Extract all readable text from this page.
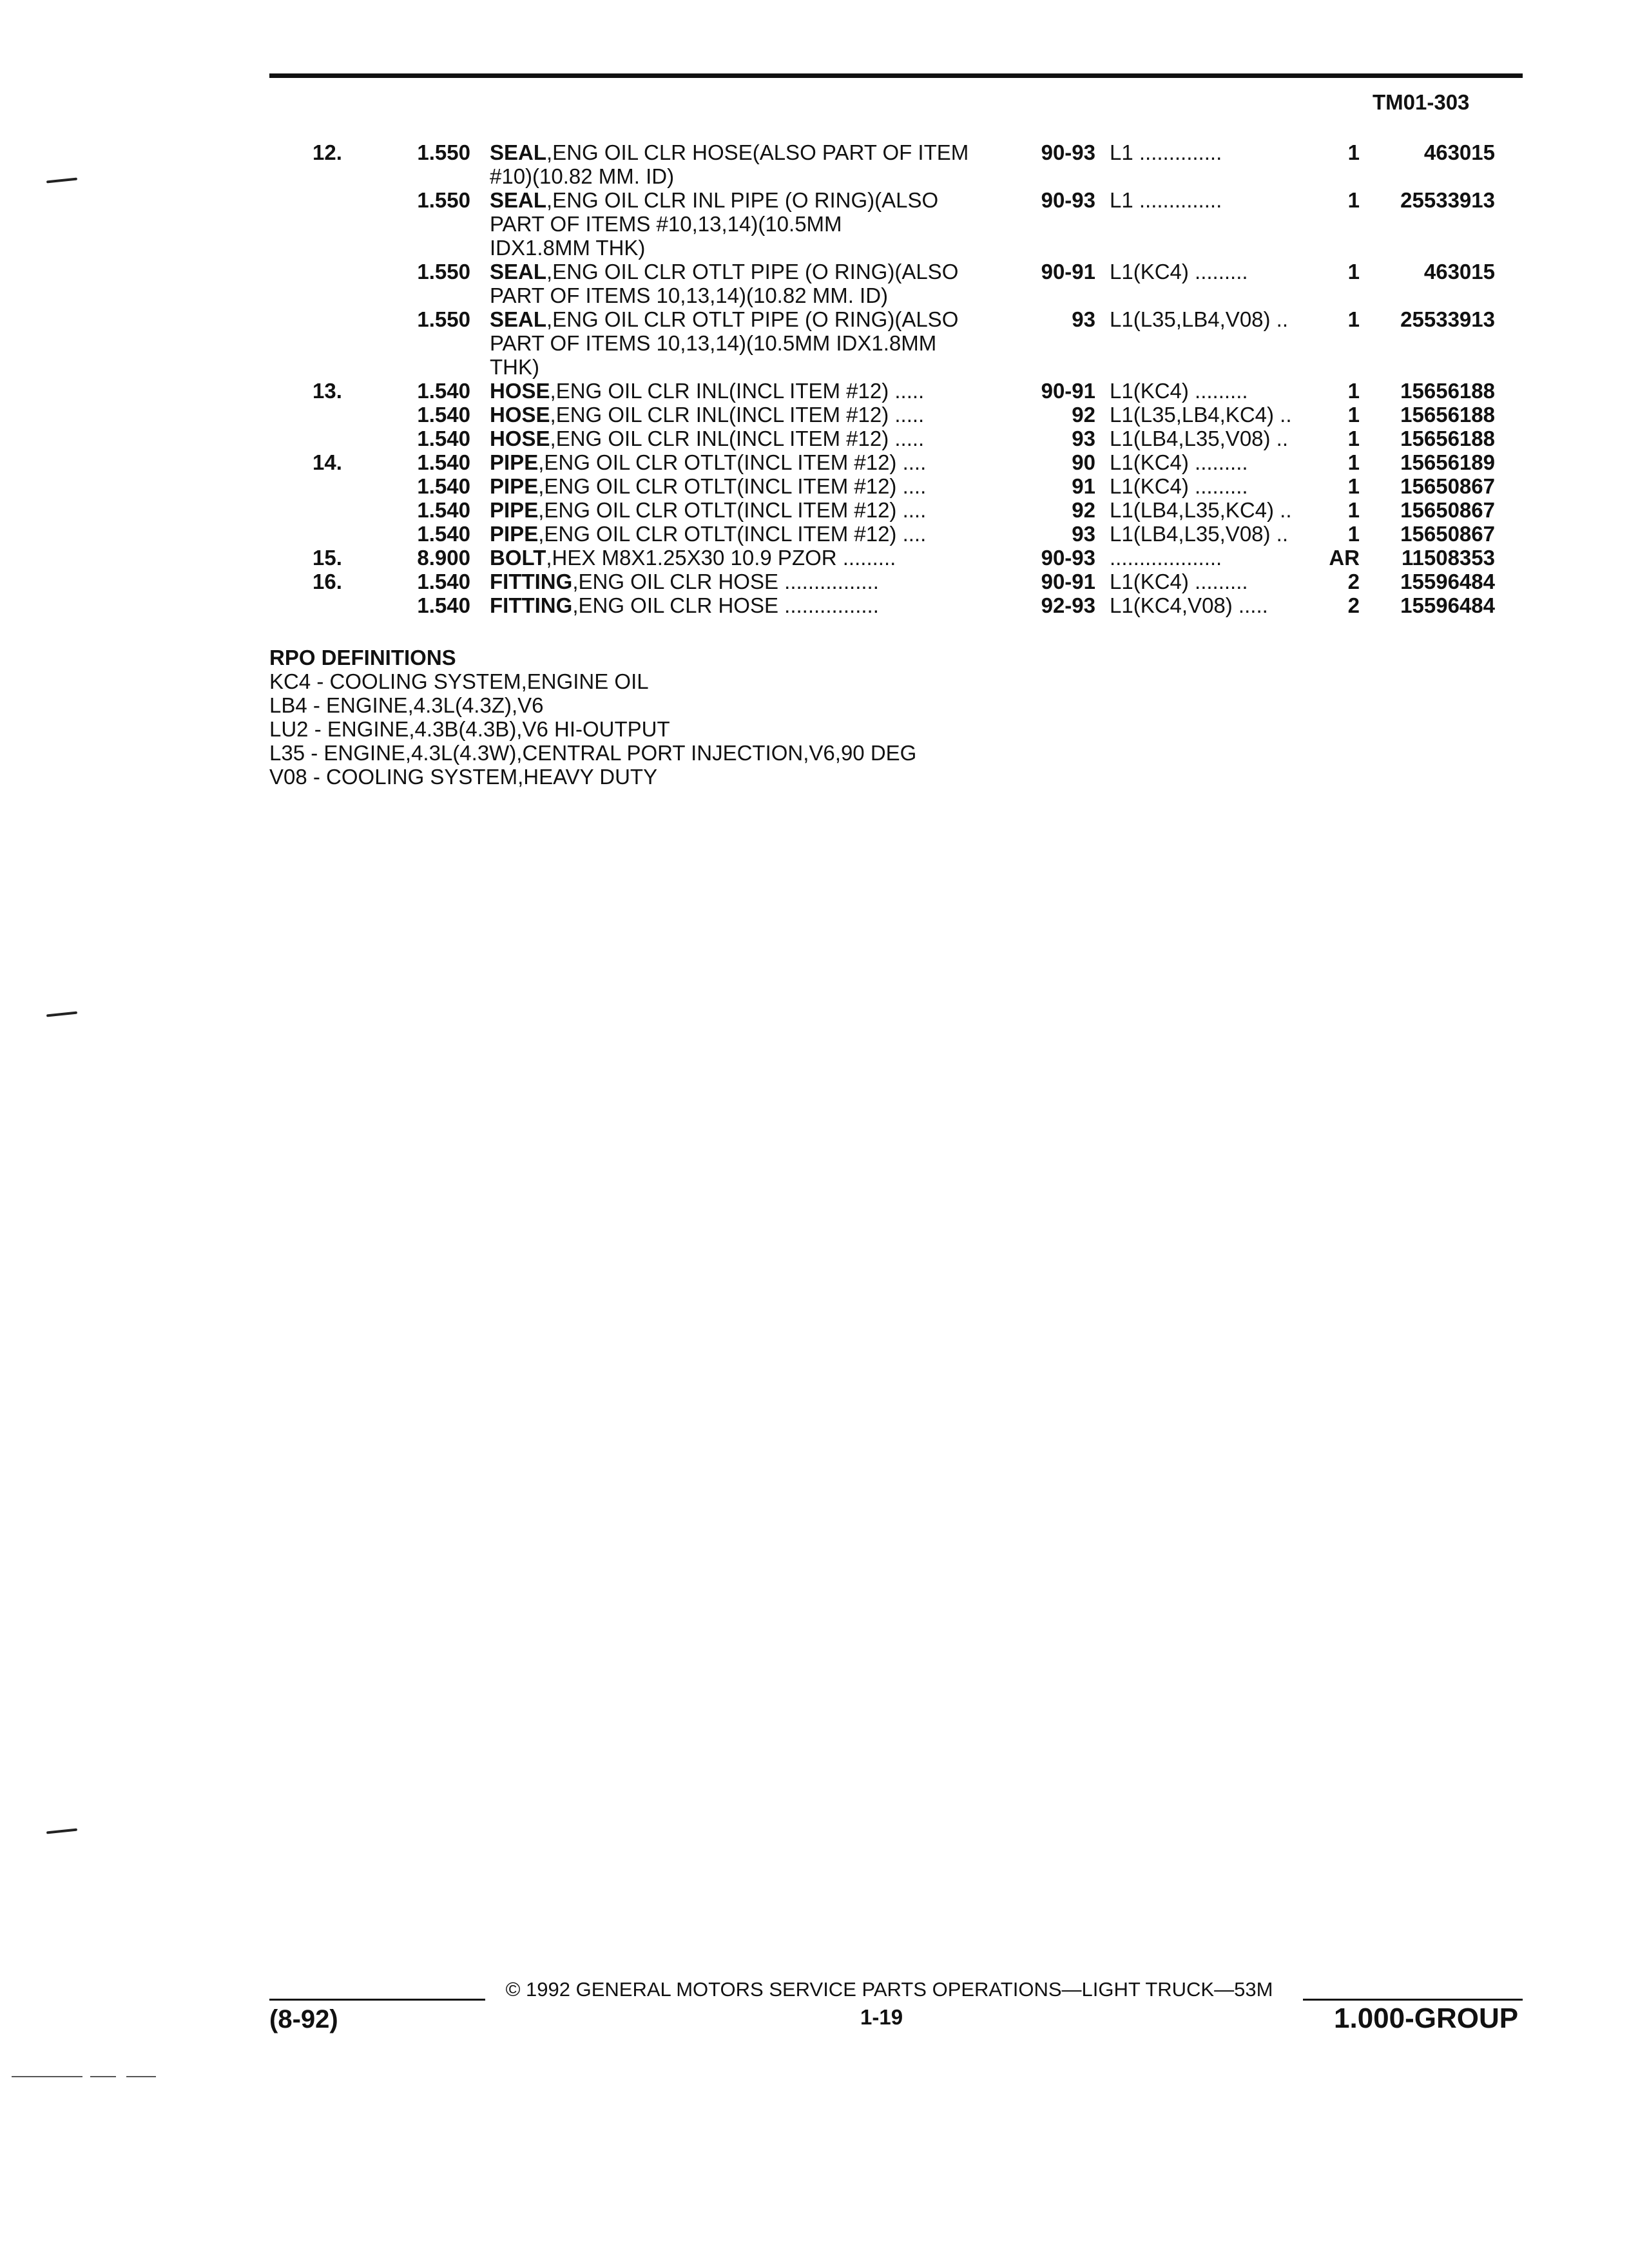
TM01-303
12.	1.550 SEAL,ENG OIL CLR HOSE(ALSO PART OF ITEM
#10)(10.82 MM. ID)
90-93 L1 ..............	1	463015
1.550 SEAL,ENG OIL CLR INL PIPE (O RING)(ALSO
PART OF ITEMS #10,13,14)(10.5MM
IDX1.8MM THK)
90-93 L1 ..............	1	25533913
1.550 SEAL,ENG OIL CLR OTLT PIPE (O RING)(ALSO
PART OF ITEMS 10,13,14)(10.82 MM. ID)
90-91 L1(KC4) .........	1	463015
1.550 SEAL,ENG OIL CLR OTLT PIPE (O RING)(ALSO
PART OF ITEMS 10,13,14)(10.5MM IDX1.8MM
THK)
93 L1(L35,LB4,V08) ..	1	25533913
13.	1.540 HOSE,ENG OIL CLR INL(INCL ITEM #12) .....	90-91 L1(KC4) .........	1	15656188
1.540 HOSE,ENG OIL CLR INL(INCL ITEM #12) .....	92 L1(L35,LB4,KC4) ..	1	15656188
1.540 HOSE,ENG OIL CLR INL(INCL ITEM #12) .....	93 L1(LB4,L35,V08) ..	1	15656188
14.	1.540 PIPE,ENG OIL CLR OTLT(INCL ITEM #12) ....	90 L1(KC4) .........	1	15656189
1.540 PIPE,ENG OIL CLR OTLT(INCL ITEM #12) ....	91 L1(KC4) .........	1	15650867
1.540 PIPE,ENG OIL CLR OTLT(INCL ITEM #12) ....	92 L1(LB4,L35,KC4) ..	1	15650867
1.540 PIPE,ENG OIL CLR OTLT(INCL ITEM #12) ....	93 L1(LB4,L35,V08) ..	1	15650867
15.	8.900 BOLT,HEX M8X1.25X30 10.9 PZOR .........	90-93 ...................	AR	11508353
16.	1.540 FITTING,ENG OIL CLR HOSE ................	90-91 L1(KC4) .........	2	15596484
1.540 FITTING,ENG OIL CLR HOSE ................	92-93 L1(KC4,V08) .....	2	15596484
RPO DEFINITIONS
KC4 - COOLING SYSTEM,ENGINE OIL
LB4 - ENGINE,4.3L(4.3Z),V6
LU2 - ENGINE,4.3B(4.3B),V6 HI-OUTPUT
L35 - ENGINE,4.3L(4.3W),CENTRAL PORT INJECTION,V6,90 DEG
V08 - COOLING SYSTEM,HEAVY DUTY
© 1992 GENERAL MOTORS SERVICE PARTS OPERATIONS—LIGHT TRUCK—53M
(8-92)	1-19	1.000-GROUP
